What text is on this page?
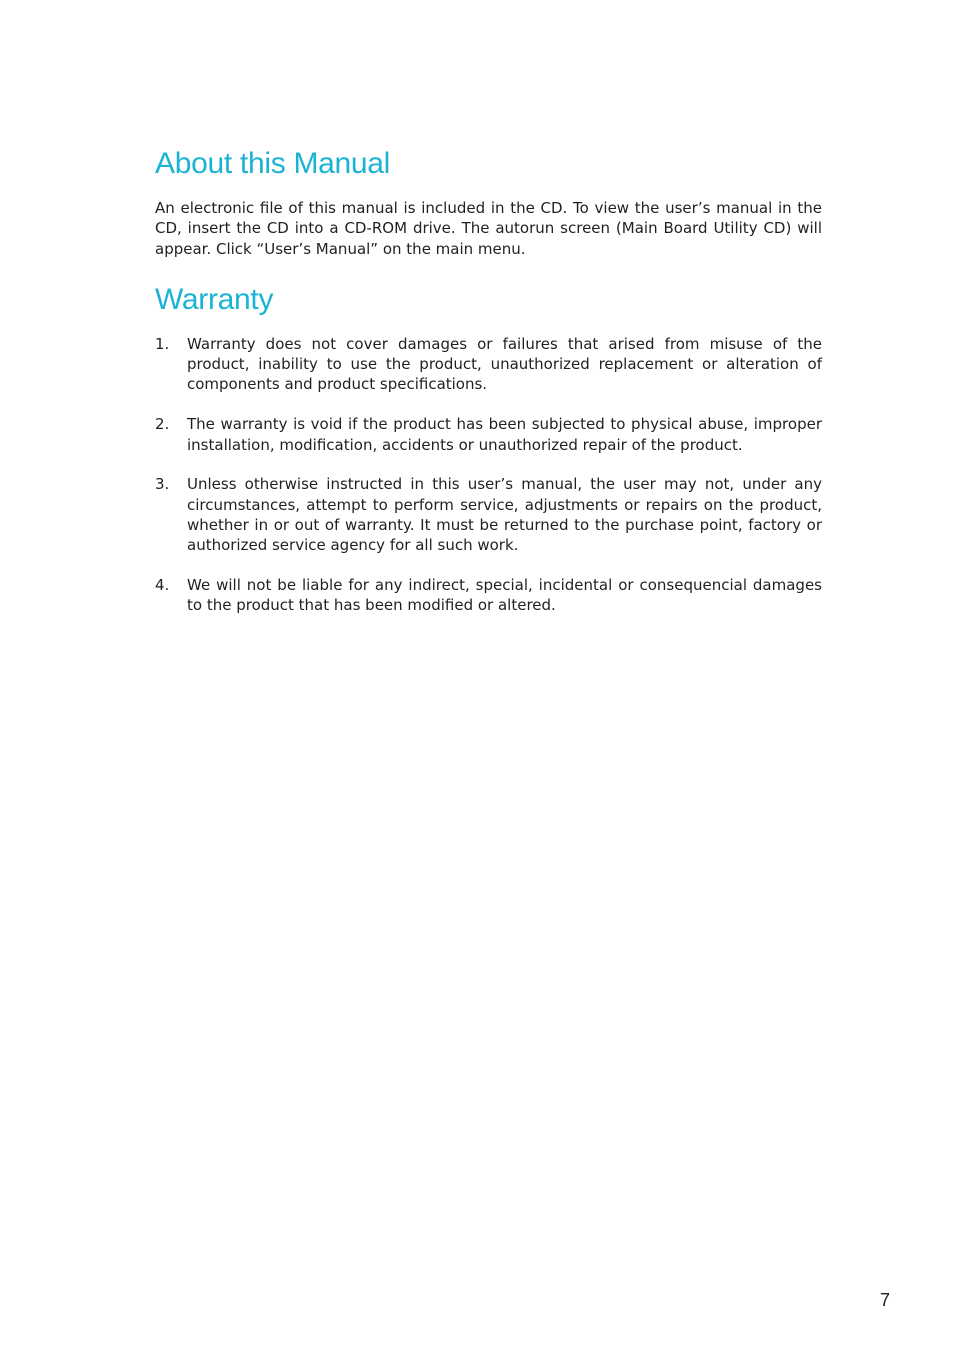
About this Manual

An electronic file of this manual is included in the CD. To view the user’s manual in the CD, insert the CD into a CD-ROM drive. The autorun screen (Main Board Utility CD) will appear. Click “User’s Manual” on the main menu.

Warranty
1. Warranty does not cover damages or failures that arised from misuse of the product, inability to use the product, unauthorized replacement or alteration of components and product specifications.
2. The warranty is void if the product has been subjected to physical abuse, improper installation, modification, accidents or unauthorized repair of the product.
3. Unless otherwise instructed in this user’s manual, the user may not, under any circumstances, attempt to perform service, adjustments or repairs on the product, whether in or out of warranty. It must be returned to the purchase point, factory or authorized service agency for all such work.
4. We will not be liable for any indirect, special, incidental or consequencial damages to the product that has been modified or altered.
7
